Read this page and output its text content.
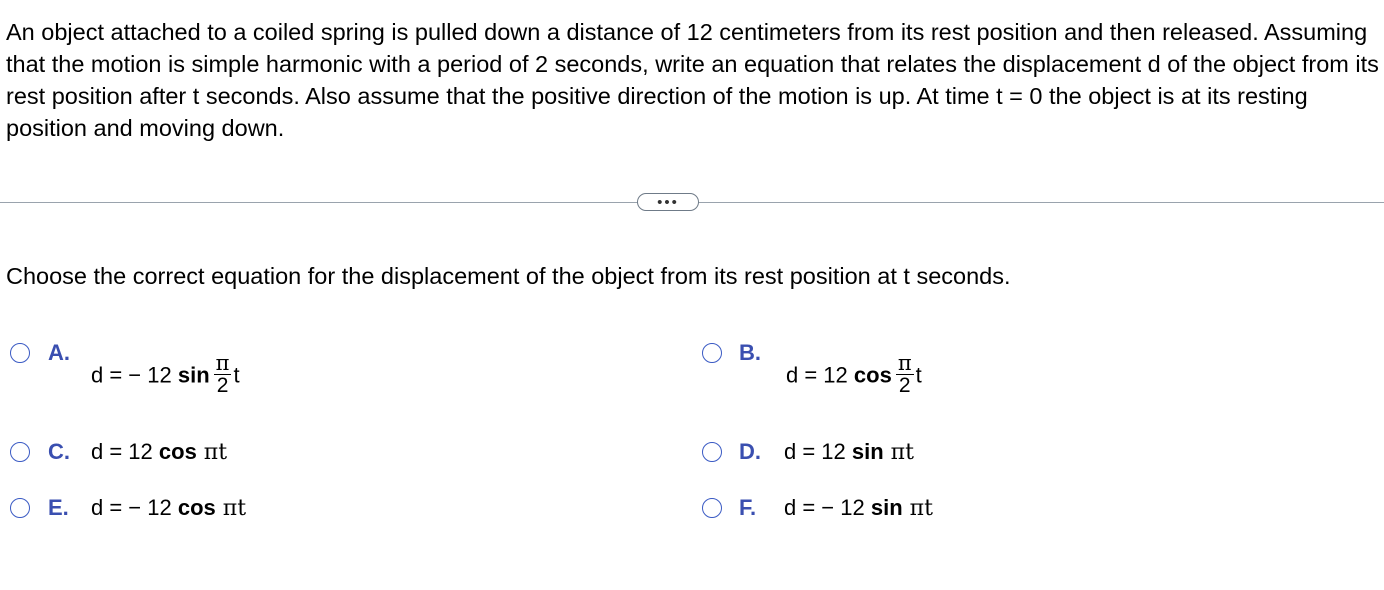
An object attached to a coiled spring is pulled down a distance of 12 centimeters from its rest position and then released. Assuming that the motion is simple harmonic with a period of 2 seconds, write an equation that relates the displacement d of the object from its rest position after t seconds. Also assume that the positive direction of the motion is up. At time t = 0 the object is at its resting position and moving down.
•••
Choose the correct equation for the displacement of the object from its rest position at t seconds.
A.
d = − 12 $\sin \frac{\pi}{2}$ t
B.
d = 12 $\cos \frac{\pi}{2}$ t
C. d = 12 cos πt	D. d = 12 sin πt
E. d = − 12 cos πt	F. d = − 12 sin πt
